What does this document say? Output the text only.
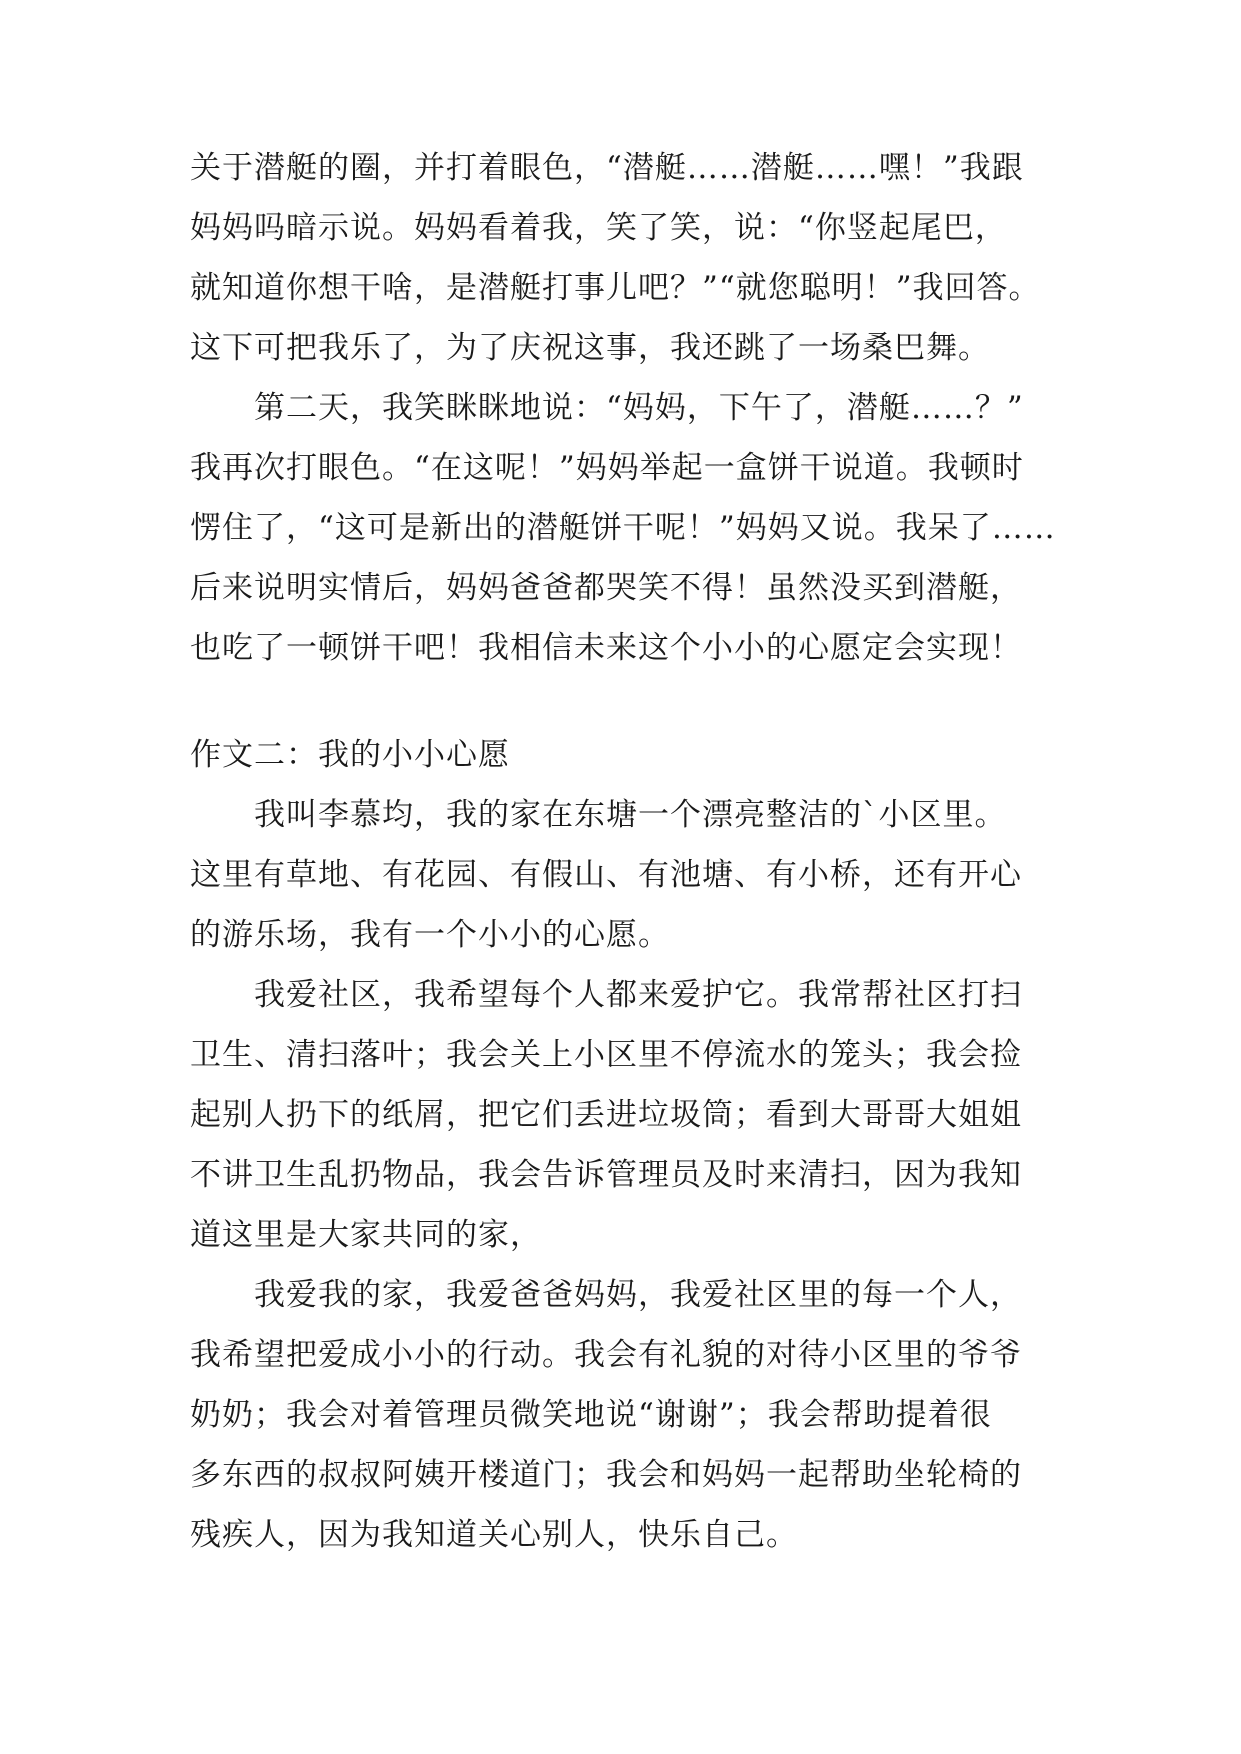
关于潜艇的圈，并打着眼色，“潜艇……潜艇……嘿！”我跟
妈妈吗暗示说。妈妈看着我，笑了笑，说：“你竖起尾巴，
就知道你想干啥，是潜艇打事儿吧？”“就您聪明！”我回答。
这下可把我乐了，为了庆祝这事，我还跳了一场桑巴舞。
第二天，我笑眯眯地说：“妈妈，下午了，潜艇……？”
我再次打眼色。“在这呢！”妈妈举起一盒饼干说道。我顿时
愣住了，“这可是新出的潜艇饼干呢！”妈妈又说。我呆了……
后来说明实情后，妈妈爸爸都哭笑不得！虽然没买到潜艇，
也吃了一顿饼干吧！我相信未来这个小小的心愿定会实现！
作文二：我的小小心愿
我叫李慕均，我的家在东塘一个漂亮整洁的`小区里。
这里有草地、有花园、有假山、有池塘、有小桥，还有开心
的游乐场，我有一个小小的心愿。
我爱社区，我希望每个人都来爱护它。我常帮社区打扫
卫生、清扫落叶；我会关上小区里不停流水的笼头；我会捡
起别人扔下的纸屑，把它们丢进垃圾筒；看到大哥哥大姐姐
不讲卫生乱扔物品，我会告诉管理员及时来清扫，因为我知
道这里是大家共同的家，
我爱我的家，我爱爸爸妈妈，我爱社区里的每一个人，
我希望把爱成小小的行动。我会有礼貌的对待小区里的爷爷
奶奶；我会对着管理员微笑地说“谢谢”；我会帮助提着很
多东西的叔叔阿姨开楼道门；我会和妈妈一起帮助坐轮椅的
残疾人，因为我知道关心别人，快乐自己。
